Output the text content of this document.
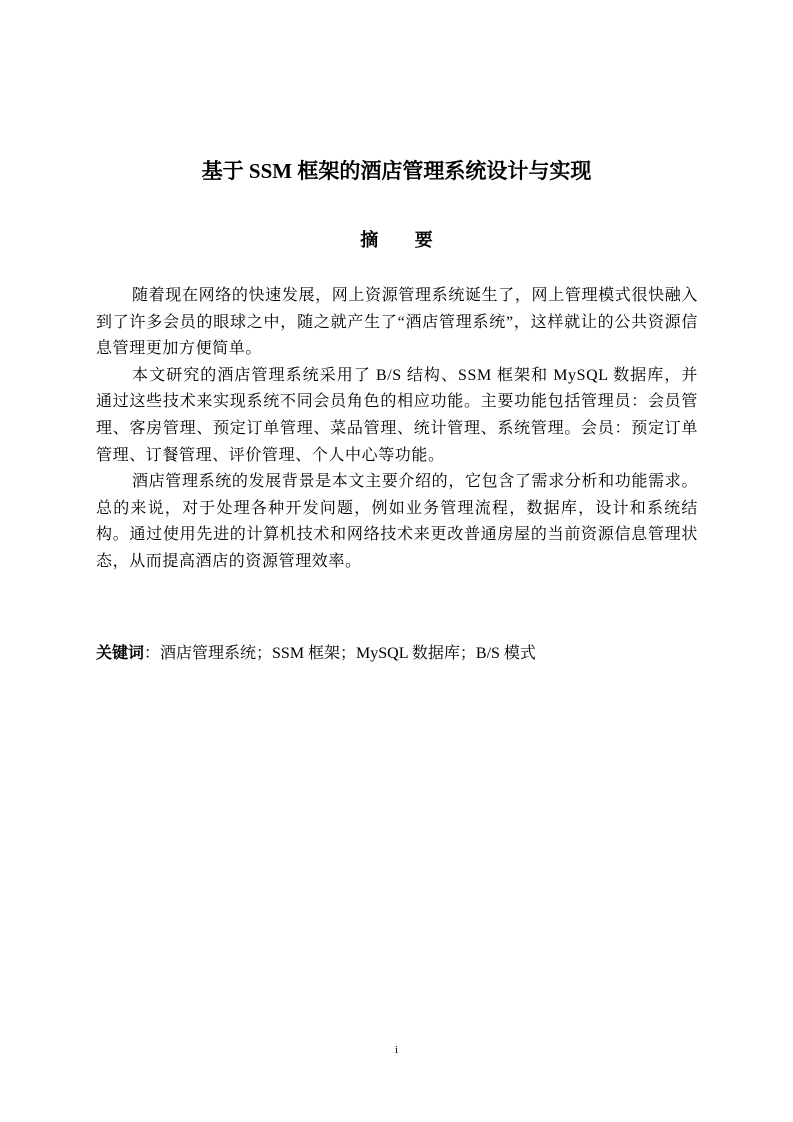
基于 SSM 框架的酒店管理系统设计与实现
摘 要

随着现在网络的快速发展，网上资源管理系统诞生了，网上管理模式很快融入到了许多会员的眼球之中，随之就产生了“酒店管理系统”，这样就让的公共资源信息管理更加方便简单。

本文研究的酒店管理系统采用了 B/S 结构、SSM 框架和 MySQL 数据库，并通过这些技术来实现系统不同会员角色的相应功能。主要功能包括管理员：会员管理、客房管理、预定订单管理、菜品管理、统计管理、系统管理。会员：预定订单管理、订餐管理、评价管理、个人中心等功能。

酒店管理系统的发展背景是本文主要介绍的，它包含了需求分析和功能需求。总的来说，对于处理各种开发问题，例如业务管理流程，数据库，设计和系统结构。通过使用先进的计算机技术和网络技术来更改普通房屋的当前资源信息管理状态，从而提高酒店的资源管理效率。

关键词：酒店管理系统；SSM 框架；MySQL 数据库；B/S 模式

i
